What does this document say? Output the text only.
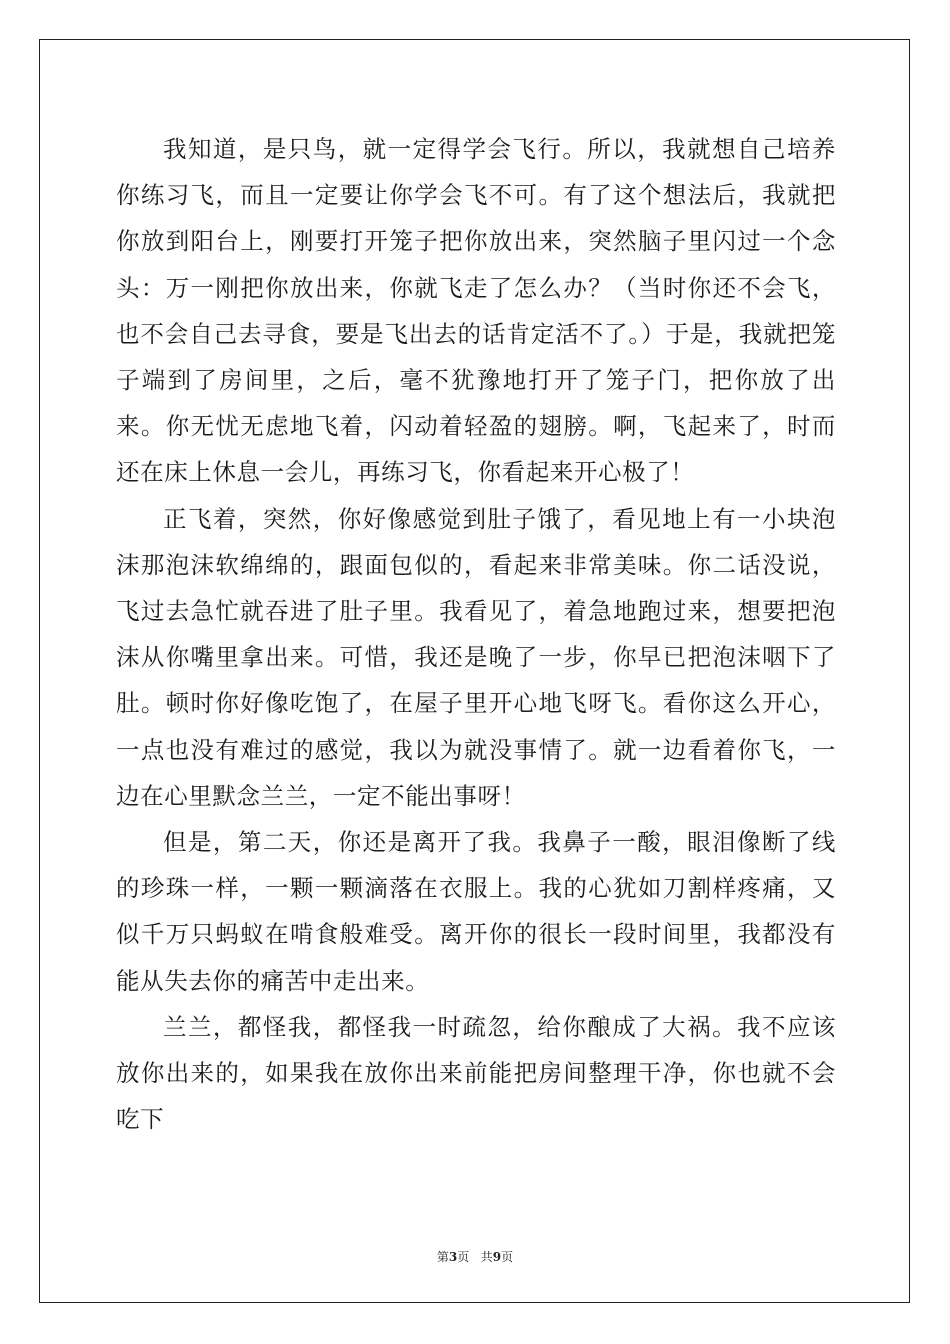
我知道，是只鸟，就一定得学会飞行。所以，我就想自己培养你练习飞，而且一定要让你学会飞不可。有了这个想法后，我就把你放到阳台上，刚要打开笼子把你放出来，突然脑子里闪过一个念头：万一刚把你放出来，你就飞走了怎么办？（当时你还不会飞，也不会自己去寻食，要是飞出去的话肯定活不了。）于是，我就把笼子端到了房间里，之后，毫不犹豫地打开了笼子门，把你放了出来。你无忧无虑地飞着，闪动着轻盈的翅膀。啊，飞起来了，时而还在床上休息一会儿，再练习飞，你看起来开心极了！

正飞着，突然，你好像感觉到肚子饿了，看见地上有一小块泡沫那泡沫软绵绵的，跟面包似的，看起来非常美味。你二话没说，飞过去急忙就吞进了肚子里。我看见了，着急地跑过来，想要把泡沫从你嘴里拿出来。可惜，我还是晚了一步，你早已把泡沫咽下了肚。顿时你好像吃饱了，在屋子里开心地飞呀飞。看你这么开心，一点也没有难过的感觉，我以为就没事情了。就一边看着你飞，一边在心里默念兰兰，一定不能出事呀！

但是，第二天，你还是离开了我。我鼻子一酸，眼泪像断了线的珍珠一样，一颗一颗滴落在衣服上。我的心犹如刀割样疼痛，又似千万只蚂蚁在啃食般难受。离开你的很长一段时间里，我都没有能从失去你的痛苦中走出来。

兰兰，都怪我，都怪我一时疏忽，给你酿成了大祸。我不应该放你出来的，如果我在放你出来前能把房间整理干净，你也就不会吃下

第3页 共9页
